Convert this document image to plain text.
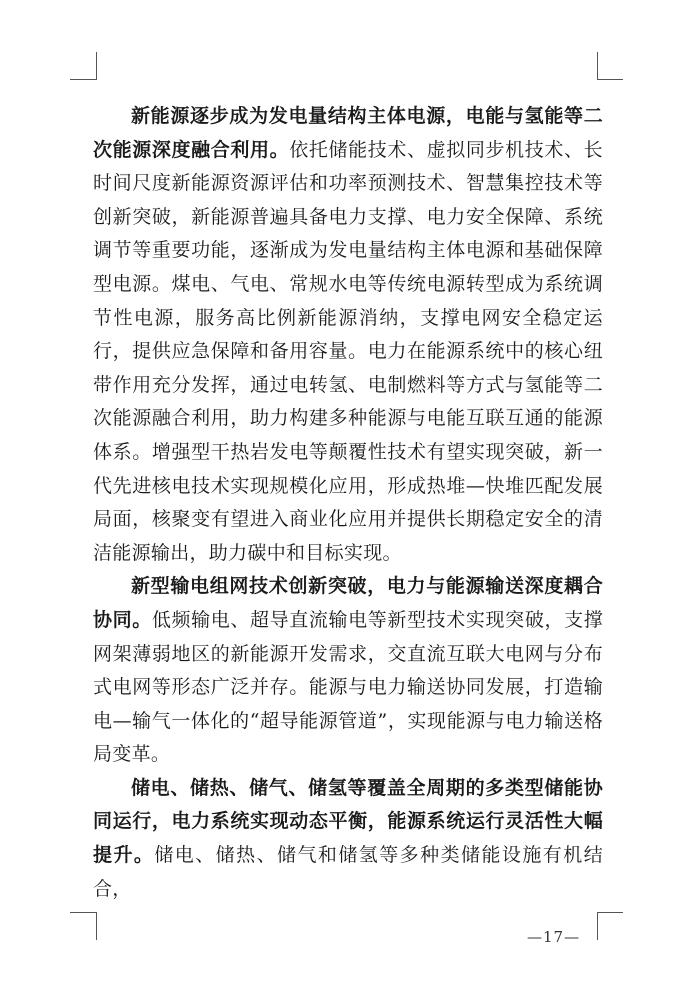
新能源逐步成为发电量结构主体电源，电能与氢能等二次能源深度融合利用。依托储能技术、虚拟同步机技术、长时间尺度新能源资源评估和功率预测技术、智慧集控技术等创新突破，新能源普遍具备电力支撑、电力安全保障、系统调节等重要功能，逐渐成为发电量结构主体电源和基础保障型电源。煤电、气电、常规水电等传统电源转型成为系统调节性电源，服务高比例新能源消纳，支撑电网安全稳定运行，提供应急保障和备用容量。电力在能源系统中的核心纽带作用充分发挥，通过电转氢、电制燃料等方式与氢能等二次能源融合利用，助力构建多种能源与电能互联互通的能源体系。增强型干热岩发电等颠覆性技术有望实现突破，新一代先进核电技术实现规模化应用，形成热堆—快堆匹配发展局面，核聚变有望进入商业化应用并提供长期稳定安全的清洁能源输出，助力碳中和目标实现。

新型输电组网技术创新突破，电力与能源输送深度耦合协同。低频输电、超导直流输电等新型技术实现突破，支撑网架薄弱地区的新能源开发需求，交直流互联大电网与分布式电网等形态广泛并存。能源与电力输送协同发展，打造输电—输气一体化的“超导能源管道”，实现能源与电力输送格局变革。

储电、储热、储气、储氢等覆盖全周期的多类型储能协同运行，电力系统实现动态平衡，能源系统运行灵活性大幅提升。储电、储热、储气和储氢等多种类储能设施有机结合，

—17—
